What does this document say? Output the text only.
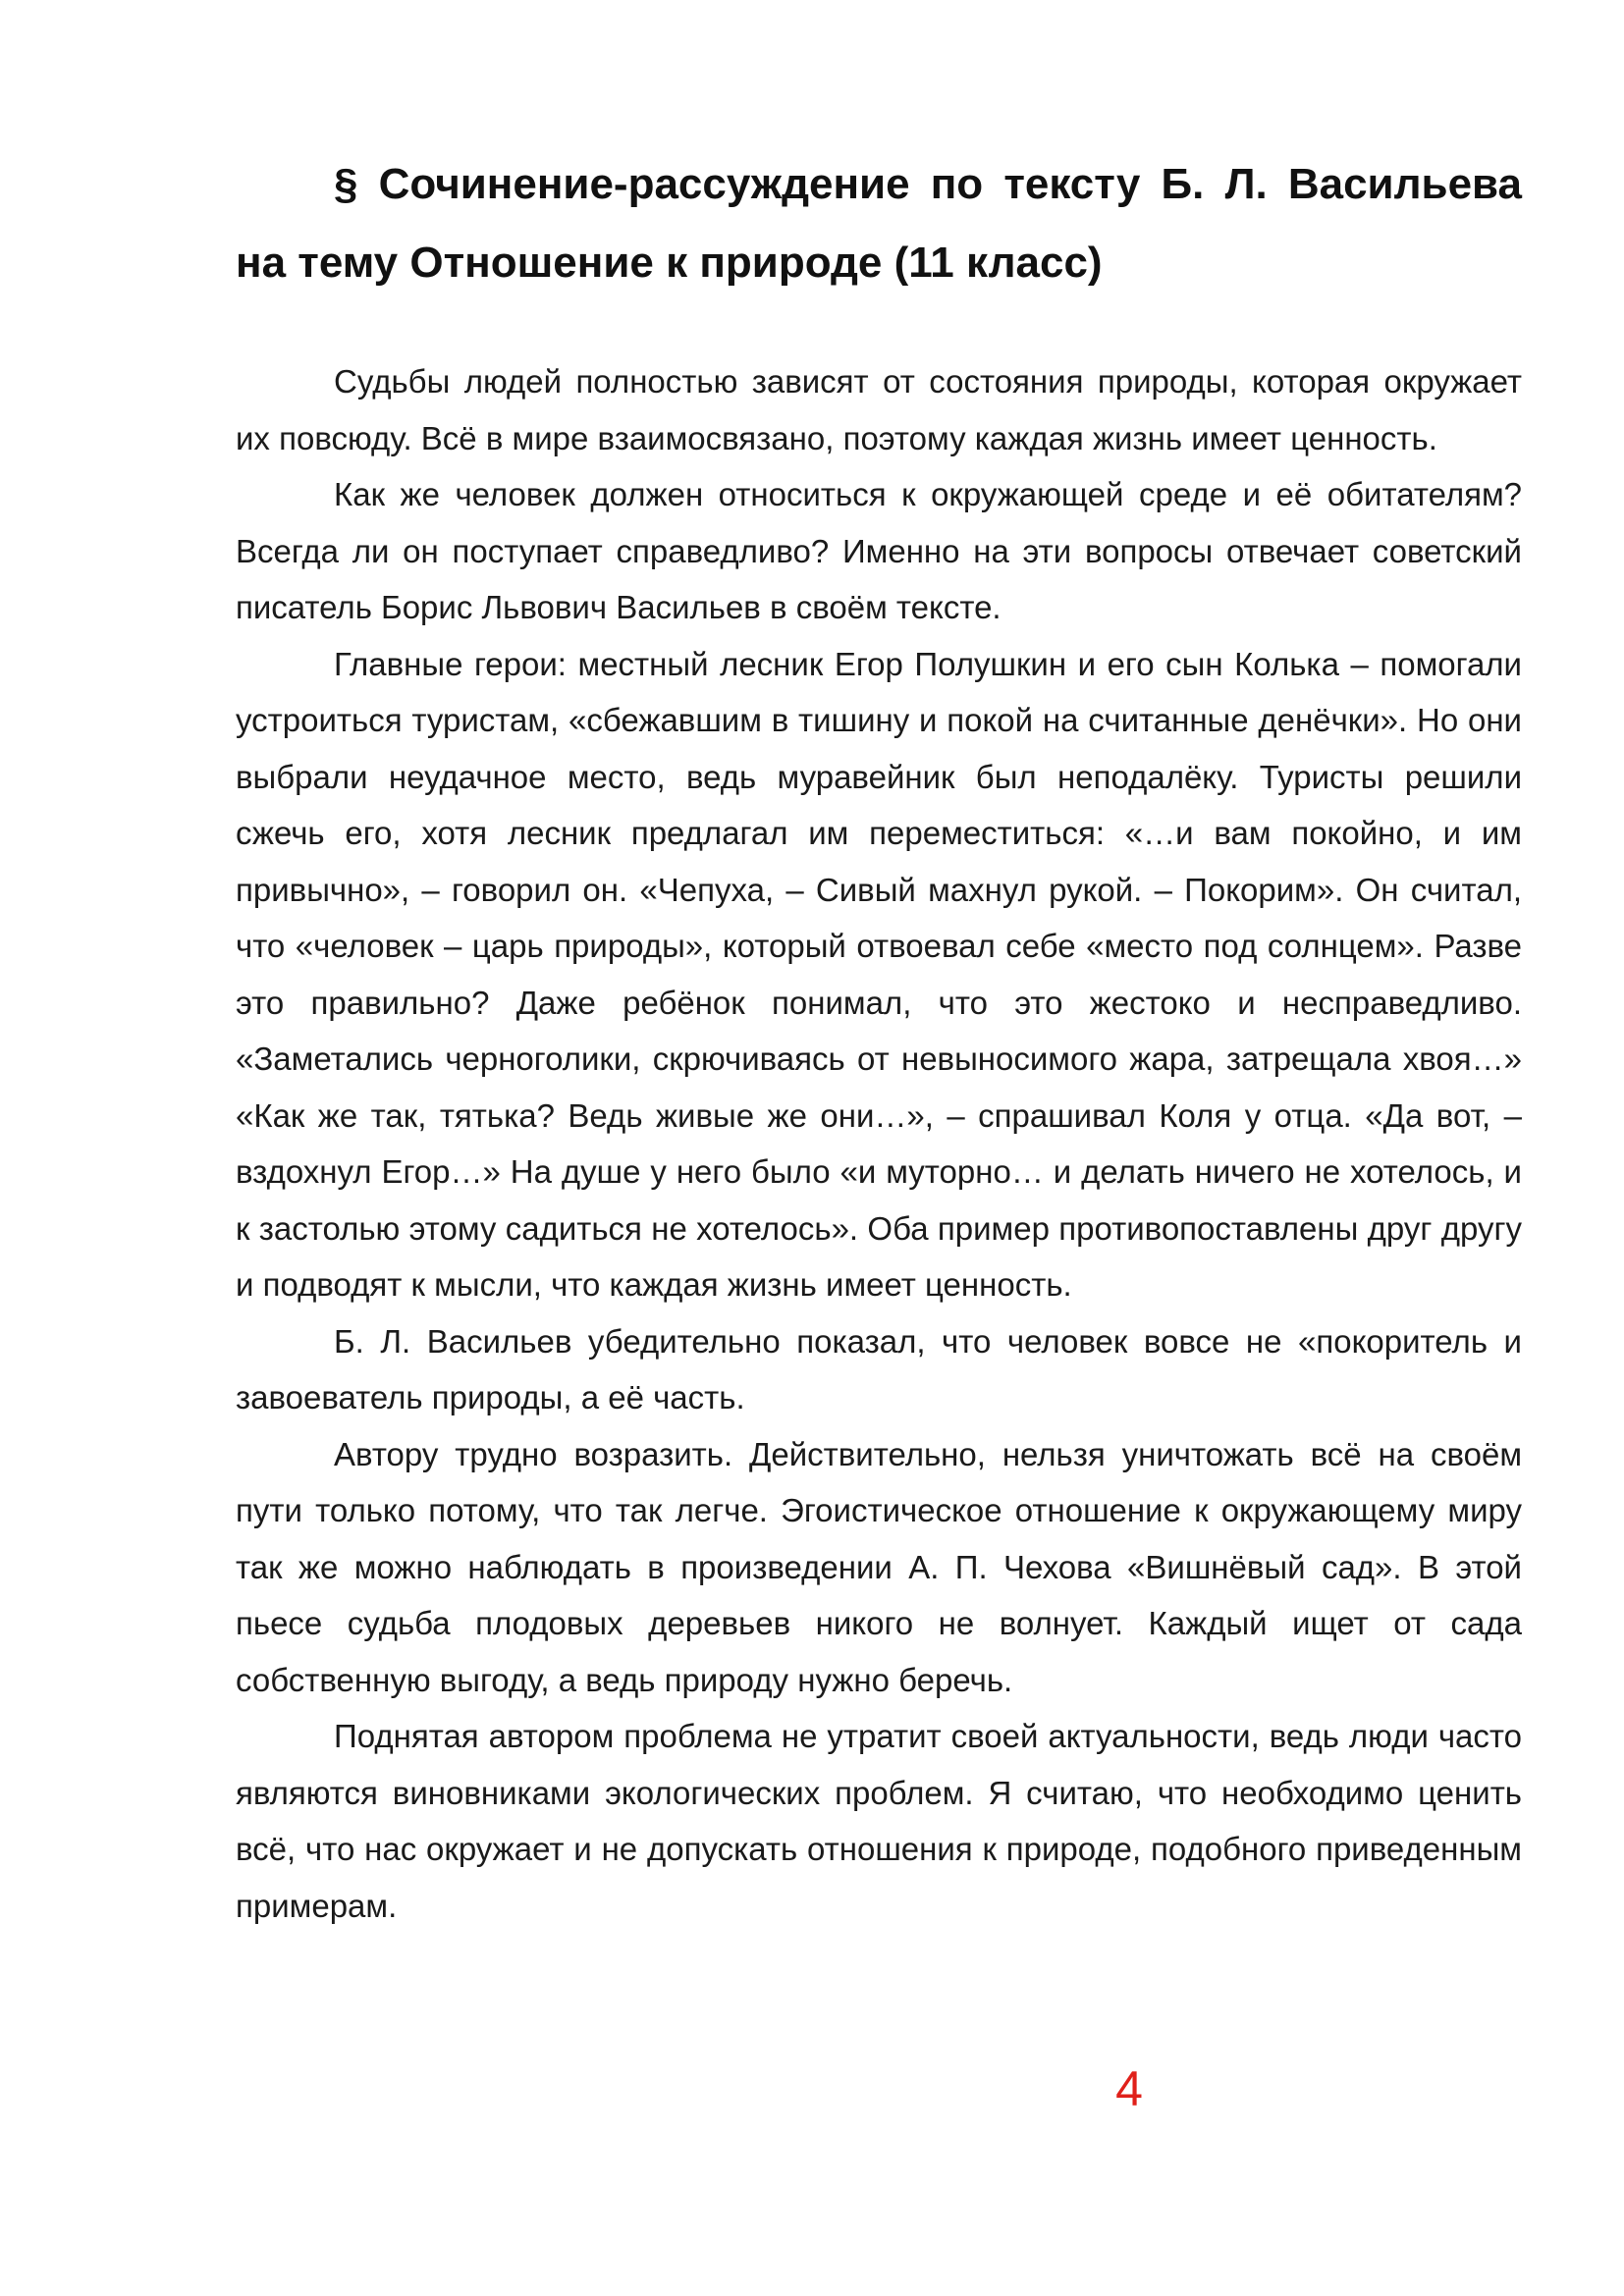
§ Сочинение-рассуждение по тексту Б. Л. Васильева на тему Отношение к природе (11 класс)

Судьбы людей полностью зависят от состояния природы, которая окружает их повсюду. Всё в мире взаимосвязано, поэтому каждая жизнь имеет ценность.

Как же человек должен относиться к окружающей среде и её обитателям? Всегда ли он поступает справедливо? Именно на эти вопросы отвечает советский писатель Борис Львович Васильев в своём тексте.

Главные герои: местный лесник Егор Полушкин и его сын Колька – помогали устроиться туристам, «сбежавшим в тишину и покой на считанные денёчки». Но они выбрали неудачное место, ведь муравейник был неподалёку. Туристы решили сжечь его, хотя лесник предлагал им переместиться: «…и вам покойно, и им привычно», – говорил он. «Чепуха, – Сивый махнул рукой. – Покорим». Он считал, что «человек – царь природы», который отвоевал себе «место под солнцем». Разве это правильно? Даже ребёнок понимал, что это жестоко и несправедливо. «Заметались черноголики, скрючиваясь от невыносимого жара, затрещала хвоя…» «Как же так, тятька? Ведь живые же они…», – спрашивал Коля у отца. «Да вот, – вздохнул Егор…» На душе у него было «и муторно… и делать ничего не хотелось, и к застолью этому садиться не хотелось». Оба пример противопоставлены друг другу и подводят к мысли, что каждая жизнь имеет ценность.

Б. Л. Васильев убедительно показал, что человек вовсе не «покоритель и завоеватель природы, а её часть.

Автору трудно возразить. Действительно, нельзя уничтожать всё на своём пути только потому, что так легче. Эгоистическое отношение к окружающему миру так же можно наблюдать в произведении А. П. Чехова «Вишнёвый сад». В этой пьесе судьба плодовых деревьев никого не волнует. Каждый ищет от сада собственную выгоду, а ведь природу нужно беречь.

Поднятая автором проблема не утратит своей актуальности, ведь люди часто являются виновниками экологических проблем. Я считаю, что необходимо ценить всё, что нас окружает и не допускать отношения к природе, подобного приведенным примерам.

4
